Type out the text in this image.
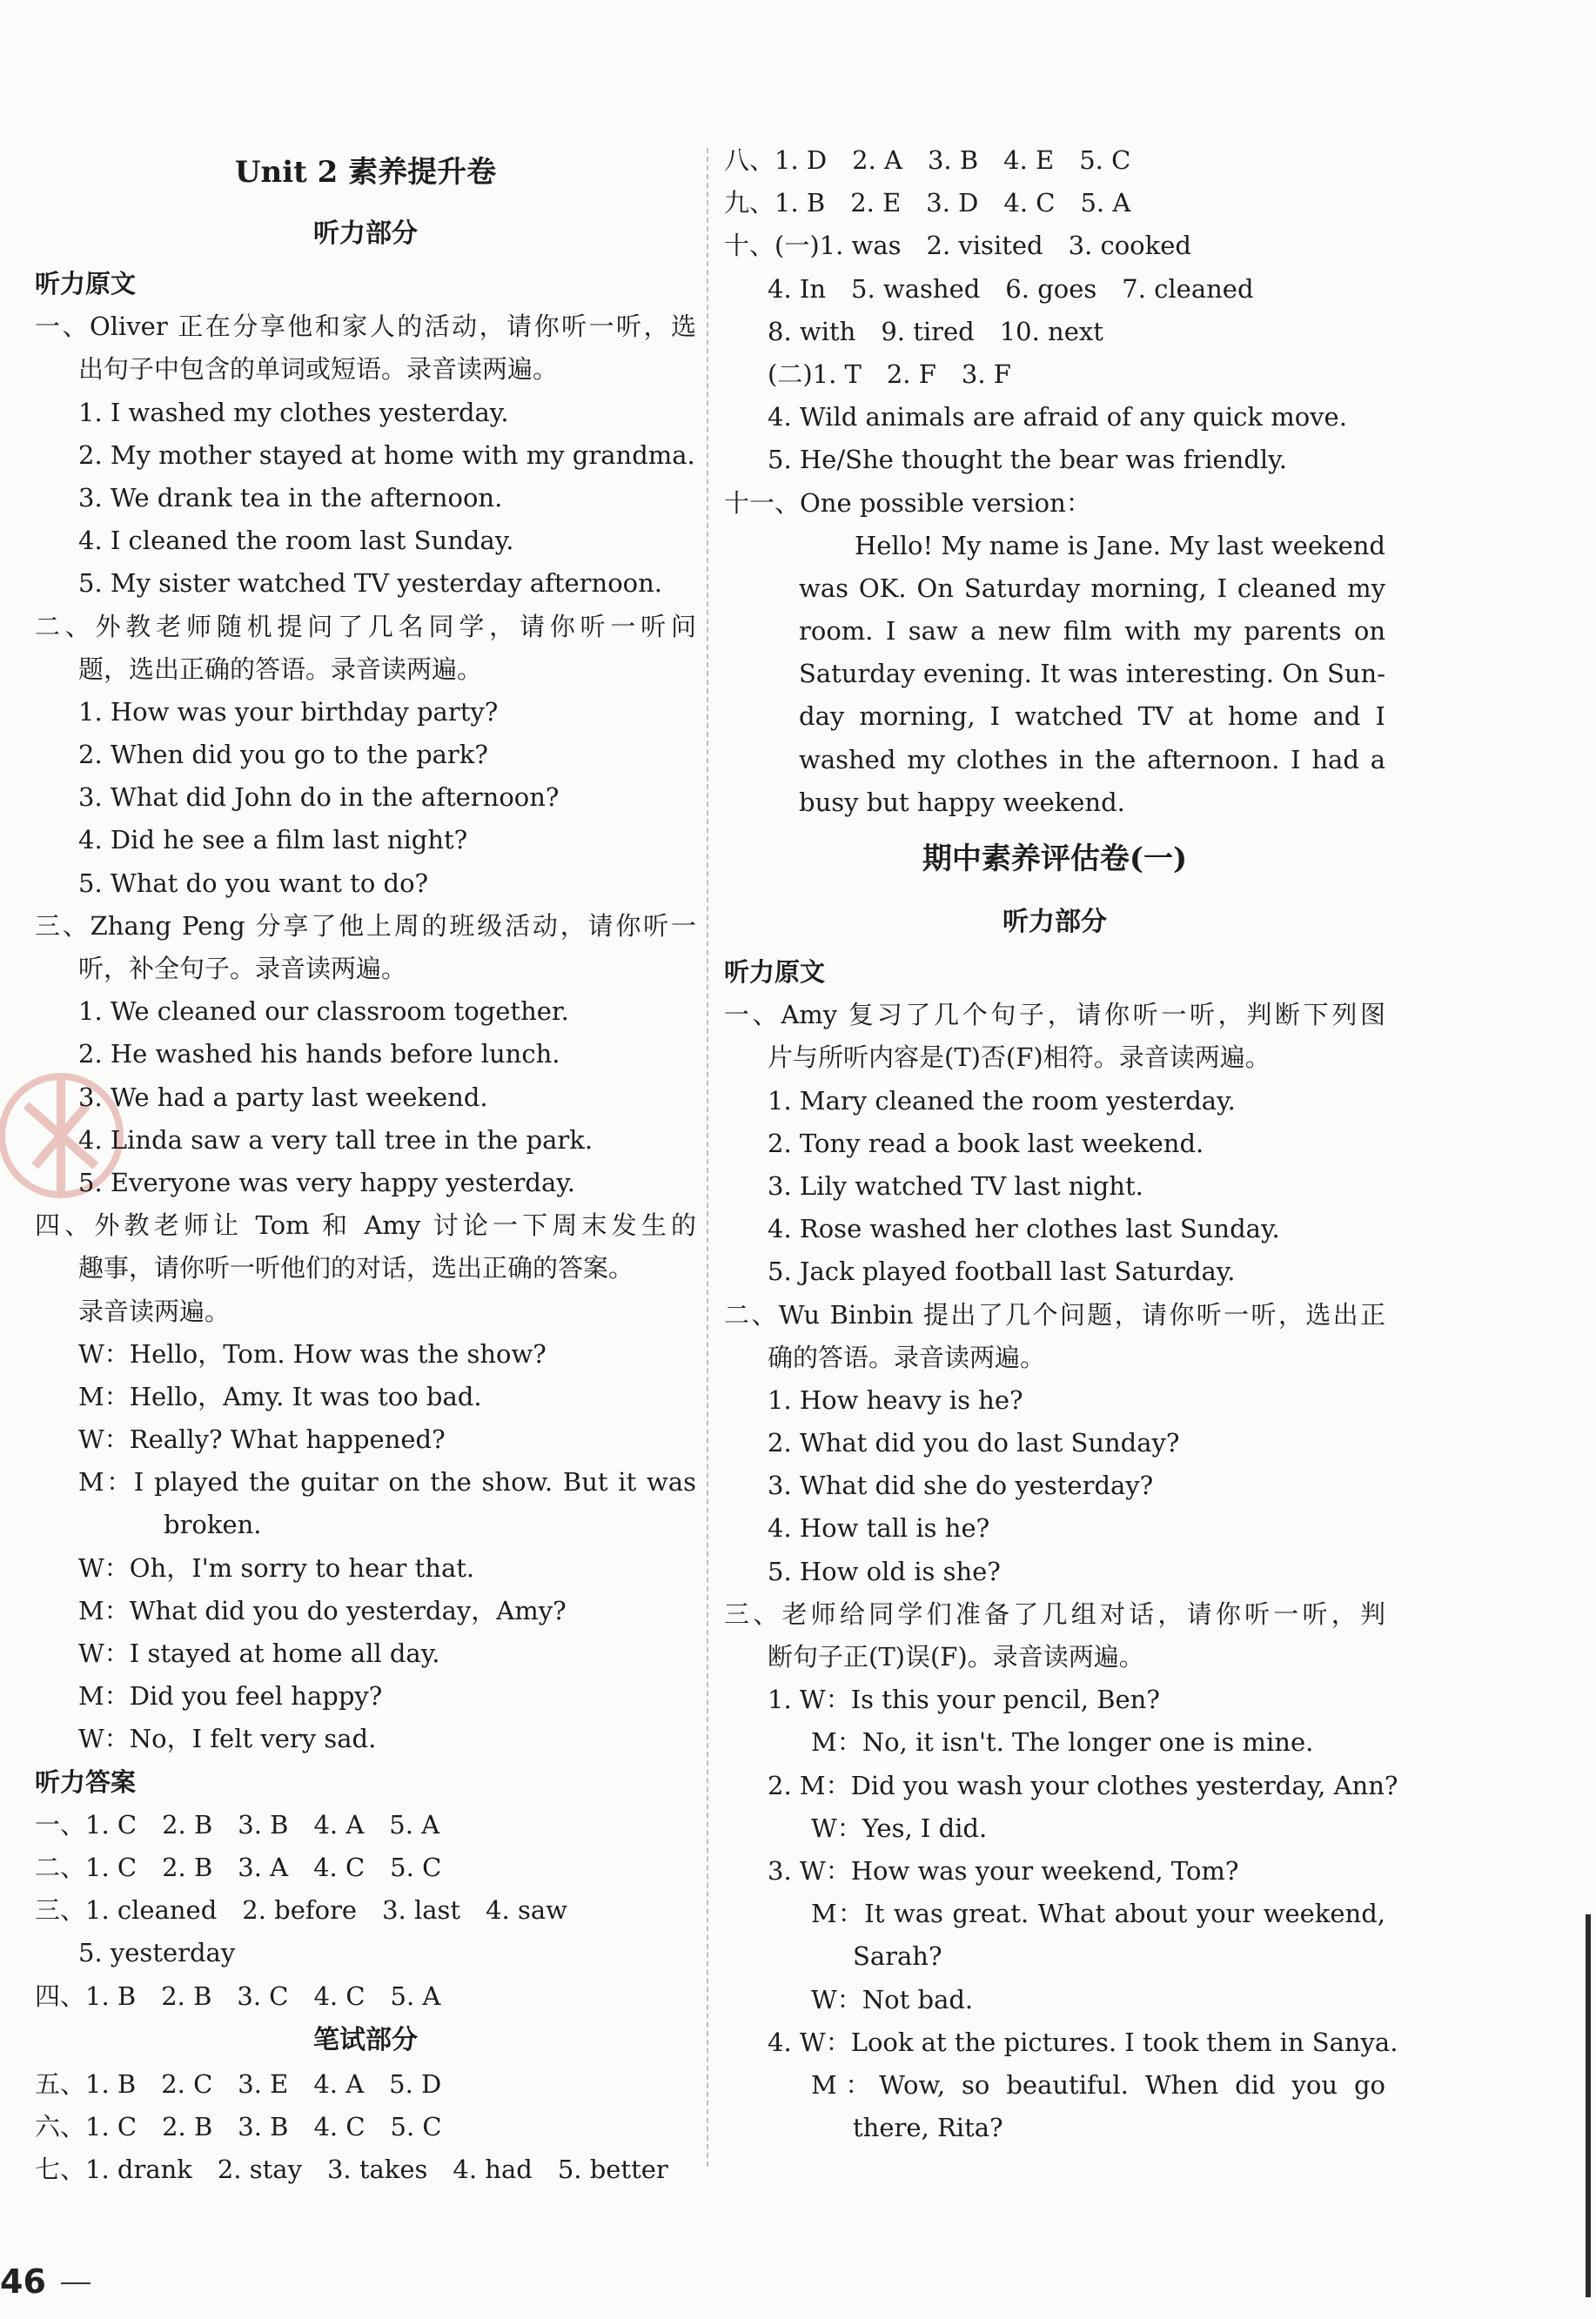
Unit 2 素养提升卷
听力部分
听力原文
一、Oliver 正在分享他和家人的活动，请你听一听，选
出句子中包含的单词或短语。录音读两遍。
1. I washed my clothes yesterday.
2. My mother stayed at home with my grandma.
3. We drank tea in the afternoon.
4. I cleaned the room last Sunday.
5. My sister watched TV yesterday afternoon.
二、外教老师随机提问了几名同学，请你听一听问
题，选出正确的答语。录音读两遍。
1. How was your birthday party?
2. When did you go to the park?
3. What did John do in the afternoon?
4. Did he see a film last night?
5. What do you want to do?
三、Zhang Peng 分享了他上周的班级活动，请你听一
听，补全句子。录音读两遍。
1. We cleaned our classroom together.
2. He washed his hands before lunch.
3. We had a party last weekend.
4. Linda saw a very tall tree in the park.
5. Everyone was very happy yesterday.
四、外教老师让 Tom 和 Amy 讨论一下周末发生的
趣事，请你听一听他们的对话，选出正确的答案。
录音读两遍。
W：Hello，Tom. How was the show?
M：Hello，Amy. It was too bad.
W：Really? What happened?
M：I played the guitar on the show. But it was
broken.
W：Oh，I'm sorry to hear that.
M：What did you do yesterday，Amy?
W：I stayed at home all day.
M：Did you feel happy?
W：No，I felt very sad.
听力答案
一、1. C　2. B　3. B　4. A　5. A
二、1. C　2. B　3. A　4. C　5. C
三、1. cleaned　2. before　3. last　4. saw
5. yesterday
四、1. B　2. B　3. C　4. C　5. A
笔试部分
五、1. B　2. C　3. E　4. A　5. D
六、1. C　2. B　3. B　4. C　5. C
七、1. drank　2. stay　3. takes　4. had　5. better
八、1. D　2. A　3. B　4. E　5. C
九、1. B　2. E　3. D　4. C　5. A
十、(一)1. was　2. visited　3. cooked
4. In　5. washed　6. goes　7. cleaned
8. with　9. tired　10. next
(二)1. T　2. F　3. F
4. Wild animals are afraid of any quick move.
5. He/She thought the bear was friendly.
十一、One possible version：
Hello! My name is Jane. My last weekend
was OK. On Saturday morning, I cleaned my
room. I saw a new film with my parents on
Saturday evening. It was interesting. On Sun-
day morning, I watched TV at home and I
washed my clothes in the afternoon. I had a
busy but happy weekend.
期中素养评估卷(一)
听力部分
听力原文
一、Amy 复习了几个句子，请你听一听，判断下列图
片与所听内容是(T)否(F)相符。录音读两遍。
1. Mary cleaned the room yesterday.
2. Tony read a book last weekend.
3. Lily watched TV last night.
4. Rose washed her clothes last Sunday.
5. Jack played football last Saturday.
二、Wu Binbin 提出了几个问题，请你听一听，选出正
确的答语。录音读两遍。
1. How heavy is he?
2. What did you do last Sunday?
3. What did she do yesterday?
4. How tall is he?
5. How old is she?
三、老师给同学们准备了几组对话，请你听一听，判
断句子正(T)误(F)。录音读两遍。
1. W：Is this your pencil, Ben?
M：No, it isn't. The longer one is mine.
2. M：Did you wash your clothes yesterday, Ann?
W：Yes, I did.
3. W：How was your weekend, Tom?
M：It was great. What about your weekend,
Sarah?
W：Not bad.
4. W：Look at the pictures. I took them in Sanya.
M：Wow, so beautiful. When did you go
there, Rita?
46
